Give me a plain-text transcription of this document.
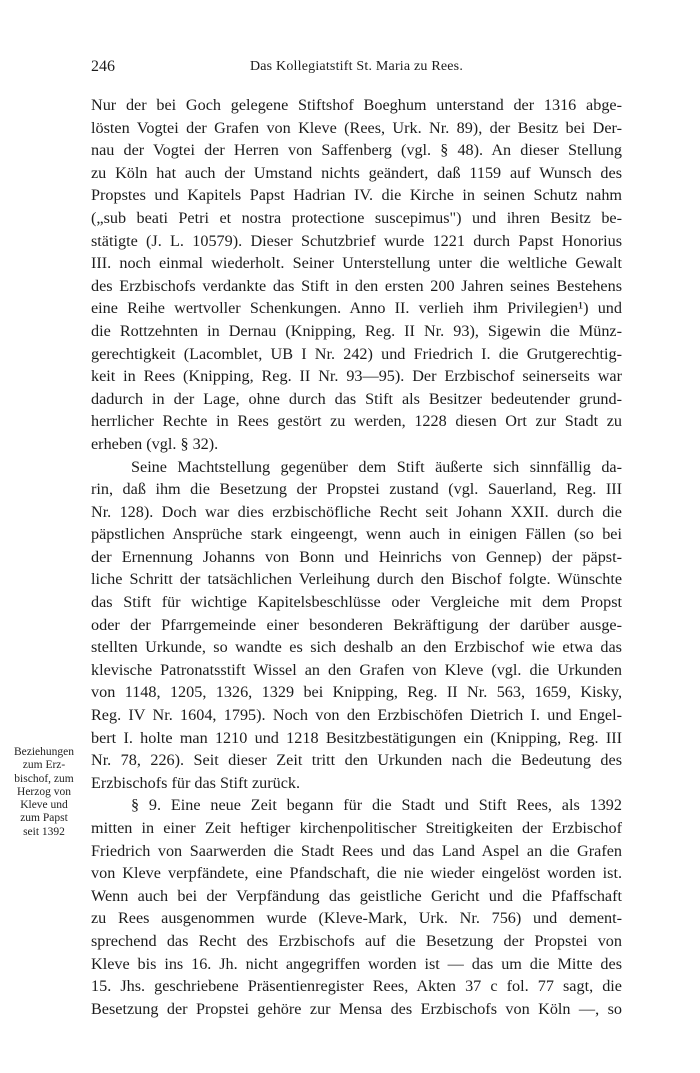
246	Das Kollegiatstift St. Maria zu Rees.
Beziehungen
zum Erz-
bischof, zum
Herzog von
Kleve und
zum Papst
seit 1392
Nur der bei Goch gelegene Stiftshof Boeghum unterstand der 1316 abge-
lösten Vogtei der Grafen von Kleve (Rees, Urk. Nr. 89), der Besitz bei Der-
nau der Vogtei der Herren von Saffenberg (vgl. § 48). An dieser Stellung
zu Köln hat auch der Umstand nichts geändert, daß 1159 auf Wunsch des
Propstes und Kapitels Papst Hadrian IV. die Kirche in seinen Schutz nahm
(„sub beati Petri et nostra protectione suscepimus") und ihren Besitz be-
stätigte (J. L. 10579). Dieser Schutzbrief wurde 1221 durch Papst Honorius
III. noch einmal wiederholt. Seiner Unterstellung unter die weltliche Gewalt
des Erzbischofs verdankte das Stift in den ersten 200 Jahren seines Bestehens
eine Reihe wertvoller Schenkungen. Anno II. verlieh ihm Privilegien¹) und
die Rottzehnten in Dernau (Knipping, Reg. II Nr. 93), Sigewin die Münz-
gerechtigkeit (Lacomblet, UB I Nr. 242) und Friedrich I. die Grutgerechtig-
keit in Rees (Knipping, Reg. II Nr. 93—95). Der Erzbischof seinerseits war
dadurch in der Lage, ohne durch das Stift als Besitzer bedeutender grund-
herrlicher Rechte in Rees gestört zu werden, 1228 diesen Ort zur Stadt zu
erheben (vgl. § 32).
Seine Machtstellung gegenüber dem Stift äußerte sich sinnfällig da-
rin, daß ihm die Besetzung der Propstei zustand (vgl. Sauerland, Reg. III
Nr. 128). Doch war dies erzbischöfliche Recht seit Johann XXII. durch die
päpstlichen Ansprüche stark eingeengt, wenn auch in einigen Fällen (so bei
der Ernennung Johanns von Bonn und Heinrichs von Gennep) der päpst-
liche Schritt der tatsächlichen Verleihung durch den Bischof folgte. Wünschte
das Stift für wichtige Kapitelsbeschlüsse oder Vergleiche mit dem Propst
oder der Pfarrgemeinde einer besonderen Bekräftigung der darüber ausge-
stellten Urkunde, so wandte es sich deshalb an den Erzbischof wie etwa das
klevische Patronatsstift Wissel an den Grafen von Kleve (vgl. die Urkunden
von 1148, 1205, 1326, 1329 bei Knipping, Reg. II Nr. 563, 1659, Kisky,
Reg. IV Nr. 1604, 1795). Noch von den Erzbischöfen Dietrich I. und Engel-
bert I. holte man 1210 und 1218 Besitzbestätigungen ein (Knipping, Reg. III
Nr. 78, 226). Seit dieser Zeit tritt den Urkunden nach die Bedeutung des
Erzbischofs für das Stift zurück.
§ 9. Eine neue Zeit begann für die Stadt und Stift Rees, als 1392
mitten in einer Zeit heftiger kirchenpolitischer Streitigkeiten der Erzbischof
Friedrich von Saarwerden die Stadt Rees und das Land Aspel an die Grafen
von Kleve verpfändete, eine Pfandschaft, die nie wieder eingelöst worden ist.
Wenn auch bei der Verpfändung das geistliche Gericht und die Pfaffschaft
zu Rees ausgenommen wurde (Kleve-Mark, Urk. Nr. 756) und dement-
sprechend das Recht des Erzbischofs auf die Besetzung der Propstei von
Kleve bis ins 16. Jh. nicht angegriffen worden ist — das um die Mitte des
15. Jhs. geschriebene Präsentienregister Rees, Akten 37 c fol. 77 sagt, die
Besetzung der Propstei gehöre zur Mensa des Erzbischofs von Köln —, so
